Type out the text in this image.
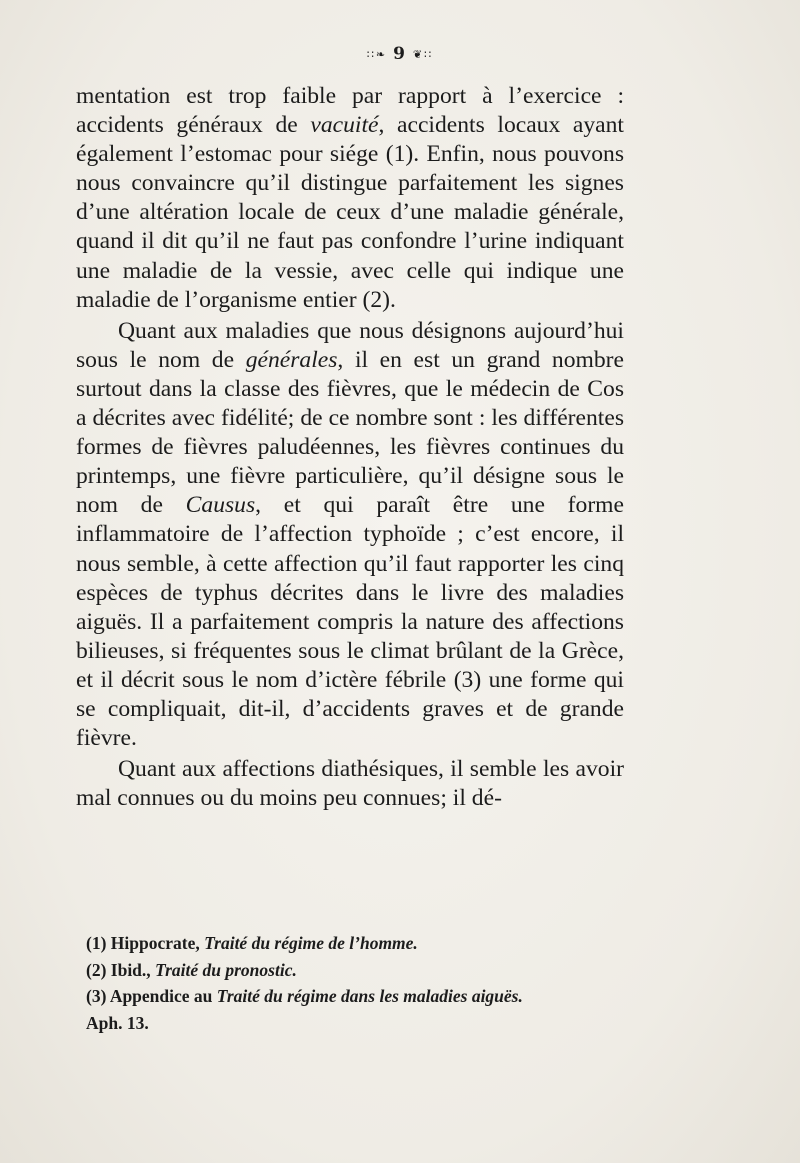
∷❧ 9 ❦∷

mentation est trop faible par rapport à l’exercice : accidents généraux de vacuité, accidents locaux ayant également l’estomac pour siége (1). Enfin, nous pouvons nous convaincre qu’il distingue parfaitement les signes d’une altération locale de ceux d’une maladie générale, quand il dit qu’il ne faut pas confondre l’urine indiquant une maladie de la vessie, avec celle qui indique une maladie de l’organisme entier (2).

Quant aux maladies que nous désignons aujourd’hui sous le nom de générales, il en est un grand nombre surtout dans la classe des fièvres, que le médecin de Cos a décrites avec fidélité; de ce nombre sont : les différentes formes de fièvres paludéennes, les fièvres continues du printemps, une fièvre particulière, qu’il désigne sous le nom de Causus, et qui paraît être une forme inflammatoire de l’affection typhoïde ; c’est encore, il nous semble, à cette affection qu’il faut rapporter les cinq espèces de typhus décrites dans le livre des maladies aiguës. Il a parfaitement compris la nature des affections bilieuses, si fréquentes sous le climat brûlant de la Grèce, et il décrit sous le nom d’ictère fébrile (3) une forme qui se compliquait, dit-il, d’accidents graves et de grande fièvre.

Quant aux affections diathésiques, il semble les avoir mal connues ou du moins peu connues; il dé-

(1) Hippocrate, Traité du régime de l’homme.
(2) Ibid., Traité du pronostic.
(3) Appendice au Traité du régime dans les maladies aiguës.
Aph. 13.
